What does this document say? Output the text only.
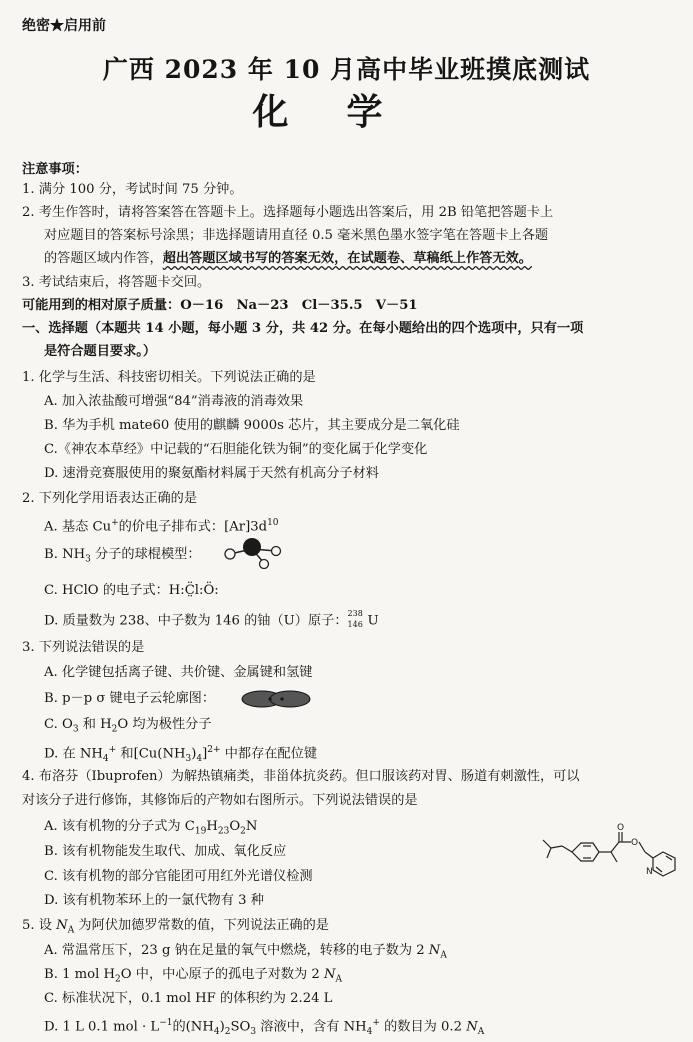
绝密★启用前
广西 2023 年 10 月高中毕业班摸底测试
化学
注意事项：
1. 满分 100 分，考试时间 75 分钟。
2. 考生作答时，请将答案答在答题卡上。选择题每小题选出答案后，用 2B 铅笔把答题卡上
对应题目的答案标号涂黑；非选择题请用直径 0.5 毫米黑色墨水签字笔在答题卡上各题
的答题区域内作答，超出答题区域书写的答案无效，在试题卷、草稿纸上作答无效。
3. 考试结束后，将答题卡交回。
可能用到的相对原子质量：O－16　Na－23　Cl－35.5　V－51
一、选择题（本题共 14 小题，每小题 3 分，共 42 分。在每小题给出的四个选项中，只有一项
是符合题目要求。）
1. 化学与生活、科技密切相关。下列说法正确的是
A. 加入浓盐酸可增强“84”消毒液的消毒效果
B. 华为手机 mate60 使用的麒麟 9000s 芯片，其主要成分是二氧化硅
C.《神农本草经》中记载的“石胆能化铁为铜”的变化属于化学变化
D. 速滑竞赛服使用的聚氨酯材料属于天然有机高分子材料
2. 下列化学用语表达正确的是
A. 基态 Cu+的价电子排布式：$[Ar]3d^{10}$
B. $NH_3$ 分子的球棍模型：
C. HClO 的电子式：H:C̤̈l:Ö:
D. 质量数为 238、中子数为 146 的铀（U）原子： 238
146 U
3. 下列说法错误的是
A. 化学键包括离子键、共价键、金属键和氢键
B. p－p σ 键电子云轮廓图：
C. $O_3$ 和 $H_2O$ 均为极性分子
D. 在 $NH_4^+$ 和$[Cu(NH_3)_4]^{2+}$ 中都存在配位键
4. 布洛芬（Ibuprofen）为解热镇痛类，非甾体抗炎药。但口服该药对胃、肠道有刺激性，可以
对该分子进行修饰，其修饰后的产物如右图所示。下列说法错误的是
A. 该有机物的分子式为 $C_{19}H_{23}O_2N$
B. 该有机物能发生取代、加成、氧化反应
C. 该有机物的部分官能团可用红外光谱仪检测
D. 该有机物苯环上的一氯代物有 3 种
O
O
N
5. 设 $N_A$ 为阿伏加德罗常数的值，下列说法正确的是
A. 常温常压下，23 g 钠在足量的氧气中燃烧，转移的电子数为 2 $N_A$
B. 1 mol $H_2O$ 中，中心原子的孤电子对数为 2 $N_A$
C. 标准状况下，0.1 mol HF 的体积约为 2.24 L
D. 1 L 0.1 mol · $L^{-1}$的$(NH_4)_2SO_3$ 溶液中，含有 $NH_4^+$ 的数目为 0.2 $N_A$
